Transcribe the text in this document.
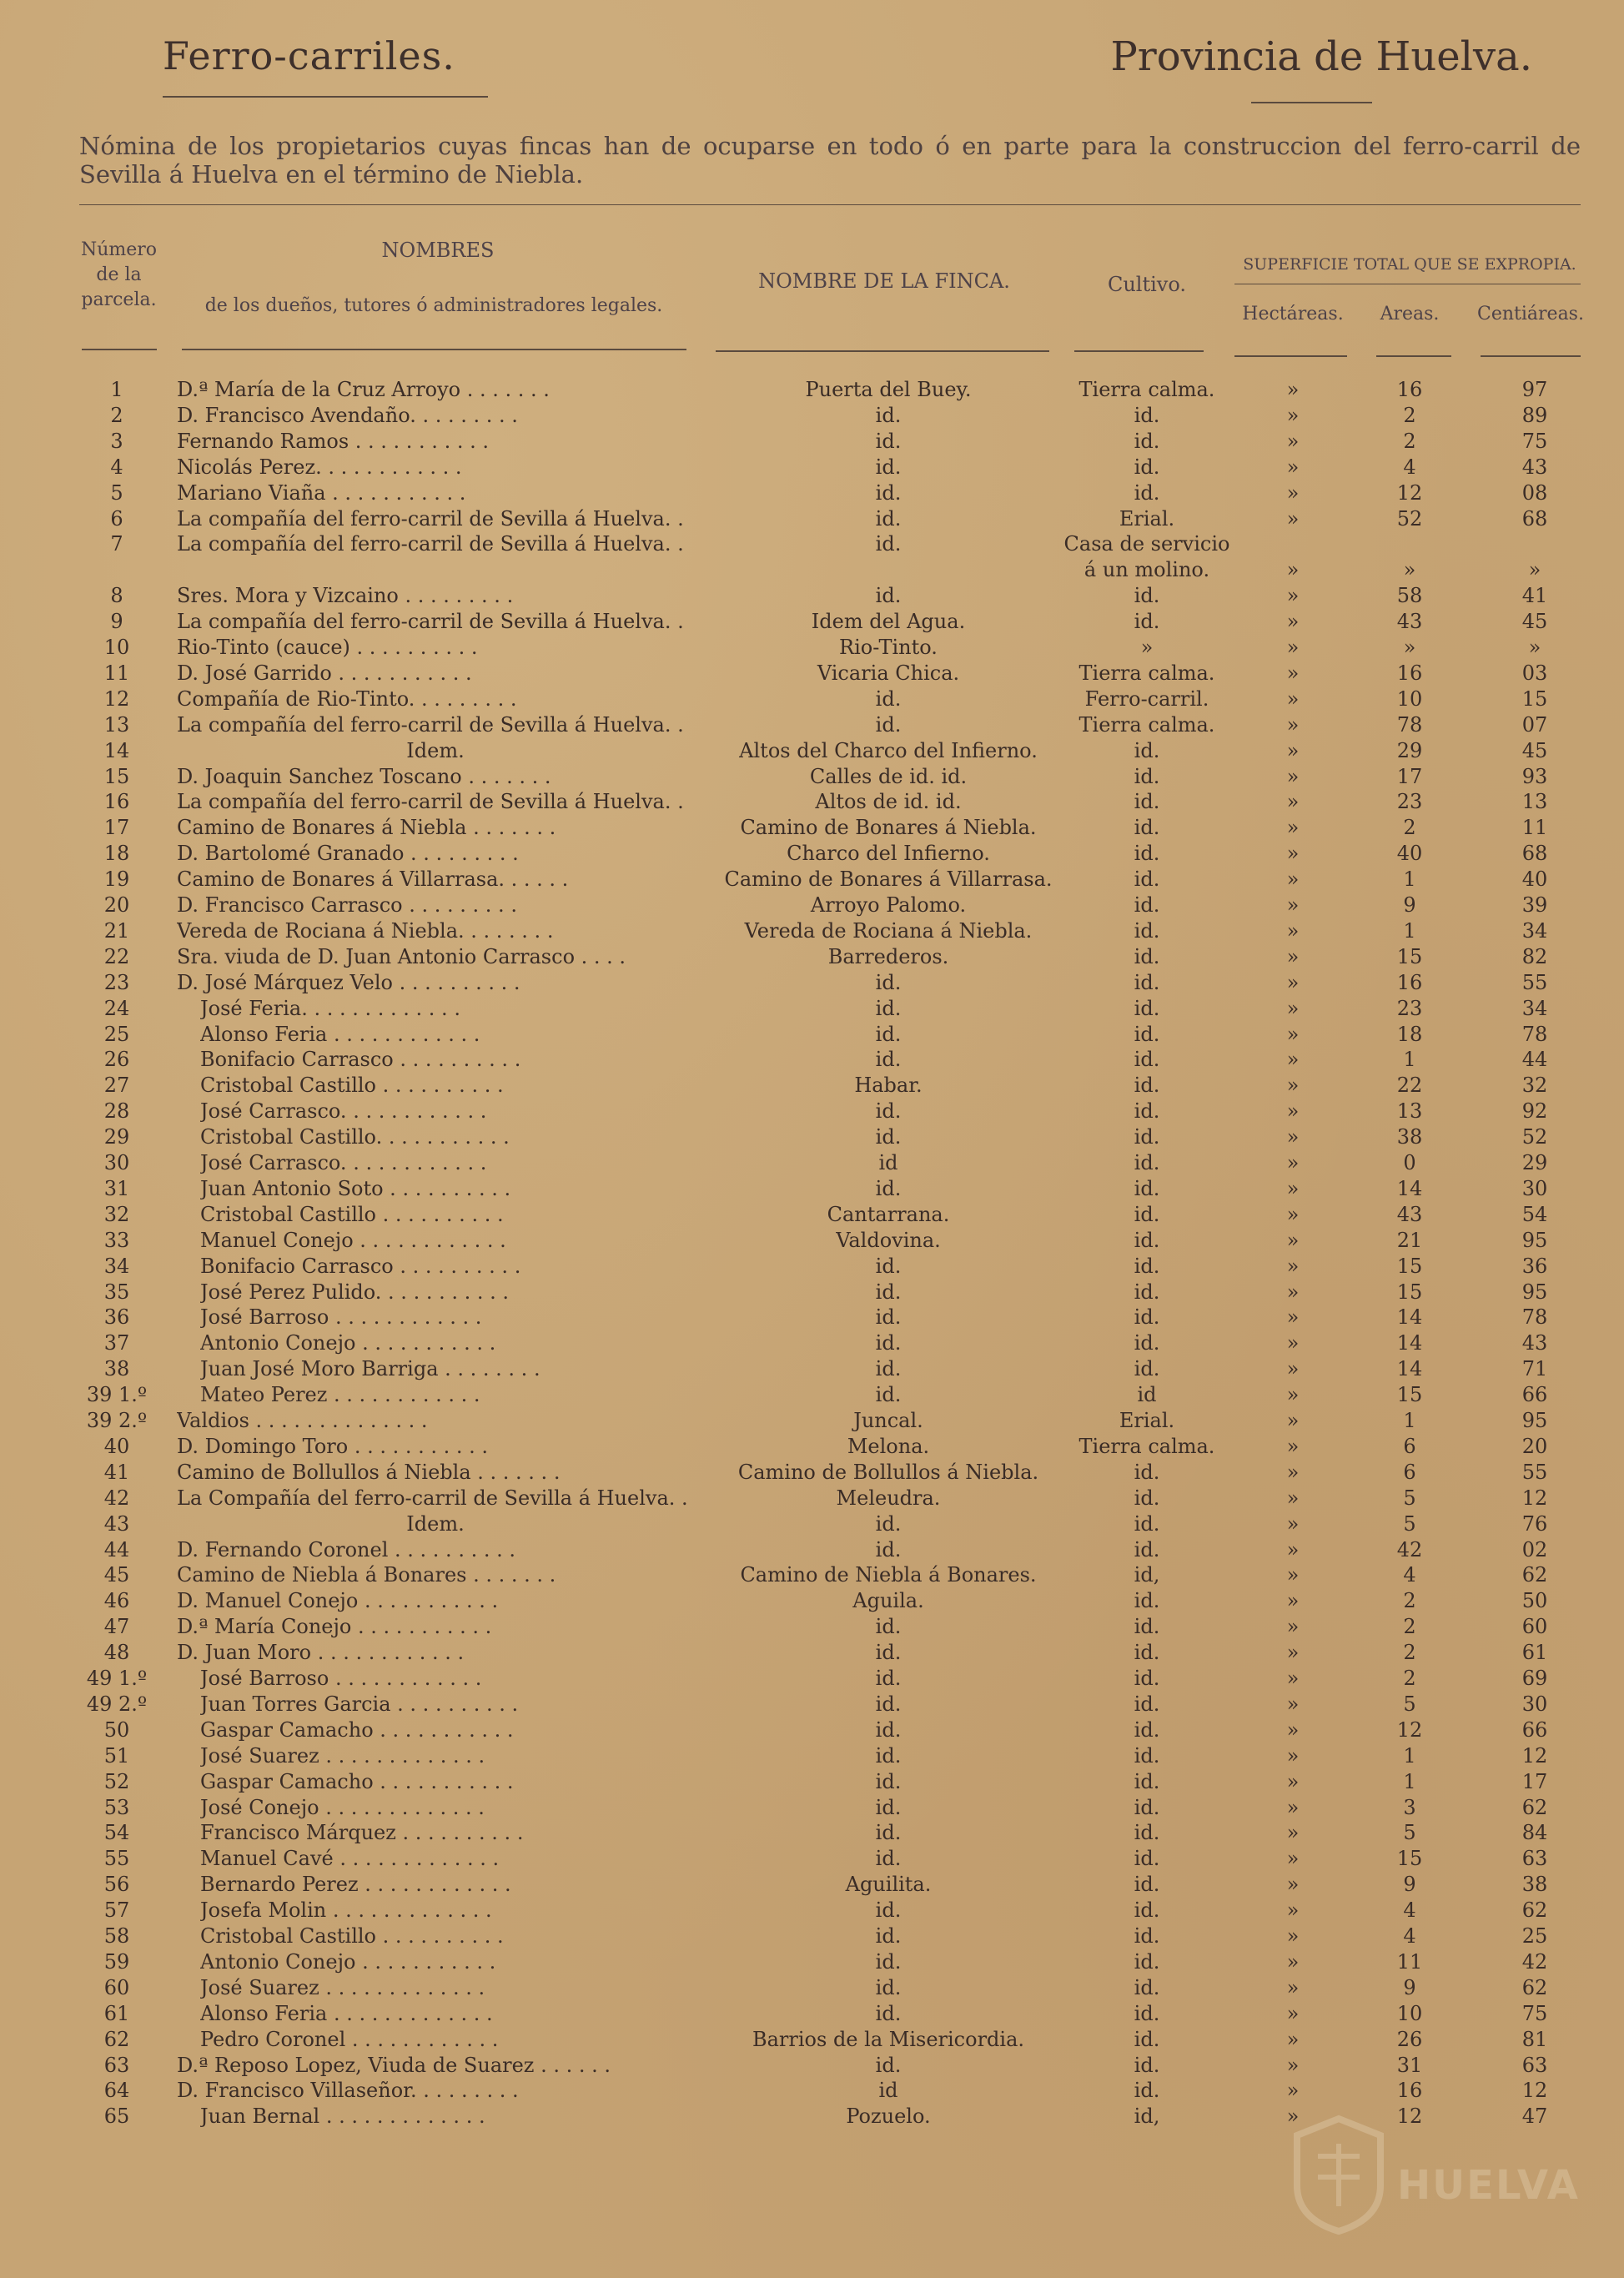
Ferro-carriles.	Provincia de Huelva.
Nómina de los propietarios cuyas fincas han de ocuparse en todo ó en parte para la construccion del ferro-carril de Sevilla á Huelva en el término de Niebla.
Número de la parcela.
NOMBRES
de los dueños, tutores ó administradores legales.
NOMBRE DE LA FINCA.	Cultivo.
SUPERFICIE TOTAL QUE SE EXPROPIA.
Hectáreas.	Areas.	Centiáreas.
1	D.ª María de la Cruz Arroyo . . . . . . .	Puerta del Buey.	Tierra calma.	»	16	97
2	D. Francisco Avendaño. . . . . . . . .	id.	id.	»	2	89
3	Fernando Ramos . . . . . . . . . . .	id.	id.	»	2	75
4	Nicolás Perez. . . . . . . . . . . .	id.	id.	»	4	43
5	Mariano Viaña . . . . . . . . . . .	id.	id.	»	12	08
6	La compañía del ferro-carril de Sevilla á Huelva. .	id.	Erial.	»	52	68
7	La compañía del ferro-carril de Sevilla á Huelva. .	id.	Casa de servicio
á un molino.	»	»	»
8	Sres. Mora y Vizcaino . . . . . . . . .	id.	id.	»	58	41
9	La compañía del ferro-carril de Sevilla á Huelva. .	Idem del Agua.	id.	»	43	45
10	Rio-Tinto (cauce) . . . . . . . . . .	Rio-Tinto.	»	»	»	»
11	D. José Garrido . . . . . . . . . . .	Vicaria Chica.	Tierra calma.	»	16	03
12	Compañía de Rio-Tinto. . . . . . . . .	id.	Ferro-carril.	»	10	15
13	La compañía del ferro-carril de Sevilla á Huelva. .	id.	Tierra calma.	»	78	07
14	Idem.	Altos del Charco del Infierno.	id.	»	29	45
15	D. Joaquin Sanchez Toscano . . . . . . .	Calles de id. id.	id.	»	17	93
16	La compañía del ferro-carril de Sevilla á Huelva. .	Altos de id. id.	id.	»	23	13
17	Camino de Bonares á Niebla . . . . . . .	Camino de Bonares á Niebla.	id.	»	2	11
18	D. Bartolomé Granado . . . . . . . . .	Charco del Infierno.	id.	»	40	68
19	Camino de Bonares á Villarrasa. . . . . .	Camino de Bonares á Villarrasa.	id.	»	1	40
20	D. Francisco Carrasco . . . . . . . . .	Arroyo Palomo.	id.	»	9	39
21	Vereda de Rociana á Niebla. . . . . . . .	Vereda de Rociana á Niebla.	id.	»	1	34
22	Sra. viuda de D. Juan Antonio Carrasco . . . .	Barrederos.	id.	»	15	82
23	D. José Márquez Velo . . . . . . . . . .	id.	id.	»	16	55
24	José Feria. . . . . . . . . . . . .	id.	id.	»	23	34
25	Alonso Feria . . . . . . . . . . . .	id.	id.	»	18	78
26	Bonifacio Carrasco . . . . . . . . . .	id.	id.	»	1	44
27	Cristobal Castillo . . . . . . . . . .	Habar.	id.	»	22	32
28	José Carrasco. . . . . . . . . . . .	id.	id.	»	13	92
29	Cristobal Castillo. . . . . . . . . . .	id.	id.	»	38	52
30	José Carrasco. . . . . . . . . . . .	id	id.	»	0	29
31	Juan Antonio Soto . . . . . . . . . .	id.	id.	»	14	30
32	Cristobal Castillo . . . . . . . . . .	Cantarrana.	id.	»	43	54
33	Manuel Conejo . . . . . . . . . . . .	Valdovina.	id.	»	21	95
34	Bonifacio Carrasco . . . . . . . . . .	id.	id.	»	15	36
35	José Perez Pulido. . . . . . . . . . .	id.	id.	»	15	95
36	José Barroso . . . . . . . . . . . .	id.	id.	»	14	78
37	Antonio Conejo . . . . . . . . . . .	id.	id.	»	14	43
38	Juan José Moro Barriga . . . . . . . .	id.	id.	»	14	71
39 1.º	Mateo Perez . . . . . . . . . . . .	id.	id	»	15	66
39 2.º	Valdios . . . . . . . . . . . . . .	Juncal.	Erial.	»	1	95
40	D. Domingo Toro . . . . . . . . . . .	Melona.	Tierra calma.	»	6	20
41	Camino de Bollullos á Niebla . . . . . . .	Camino de Bollullos á Niebla.	id.	»	6	55
42	La Compañía del ferro-carril de Sevilla á Huelva. .	Meleudra.	id.	»	5	12
43	Idem.	id.	id.	»	5	76
44	D. Fernando Coronel . . . . . . . . . .	id.	id.	»	42	02
45	Camino de Niebla á Bonares . . . . . . .	Camino de Niebla á Bonares.	id,	»	4	62
46	D. Manuel Conejo . . . . . . . . . . .	Aguila.	id.	»	2	50
47	D.ª María Conejo . . . . . . . . . . .	id.	id.	»	2	60
48	D. Juan Moro . . . . . . . . . . . .	id.	id.	»	2	61
49 1.º	José Barroso . . . . . . . . . . . .	id.	id.	»	2	69
49 2.º	Juan Torres Garcia . . . . . . . . . .	id.	id.	»	5	30
50	Gaspar Camacho . . . . . . . . . . .	id.	id.	»	12	66
51	José Suarez . . . . . . . . . . . . .	id.	id.	»	1	12
52	Gaspar Camacho . . . . . . . . . . .	id.	id.	»	1	17
53	José Conejo . . . . . . . . . . . . .	id.	id.	»	3	62
54	Francisco Márquez . . . . . . . . . .	id.	id.	»	5	84
55	Manuel Cavé . . . . . . . . . . . . .	id.	id.	»	15	63
56	Bernardo Perez . . . . . . . . . . . .	Aguilita.	id.	»	9	38
57	Josefa Molin . . . . . . . . . . . . .	id.	id.	»	4	62
58	Cristobal Castillo . . . . . . . . . .	id.	id.	»	4	25
59	Antonio Conejo . . . . . . . . . . .	id.	id.	»	11	42
60	José Suarez . . . . . . . . . . . . .	id.	id.	»	9	62
61	Alonso Feria . . . . . . . . . . . . .	id.	id.	»	10	75
62	Pedro Coronel . . . . . . . . . . . .	Barrios de la Misericordia.	id.	»	26	81
63	D.ª Reposo Lopez, Viuda de Suarez . . . . . .	id.	id.	»	31	63
64	D. Francisco Villaseñor. . . . . . . . .	id	id.	»	16	12
65	Juan Bernal . . . . . . . . . . . . .	Pozuelo.	id,	»	12	47
HUELVA
